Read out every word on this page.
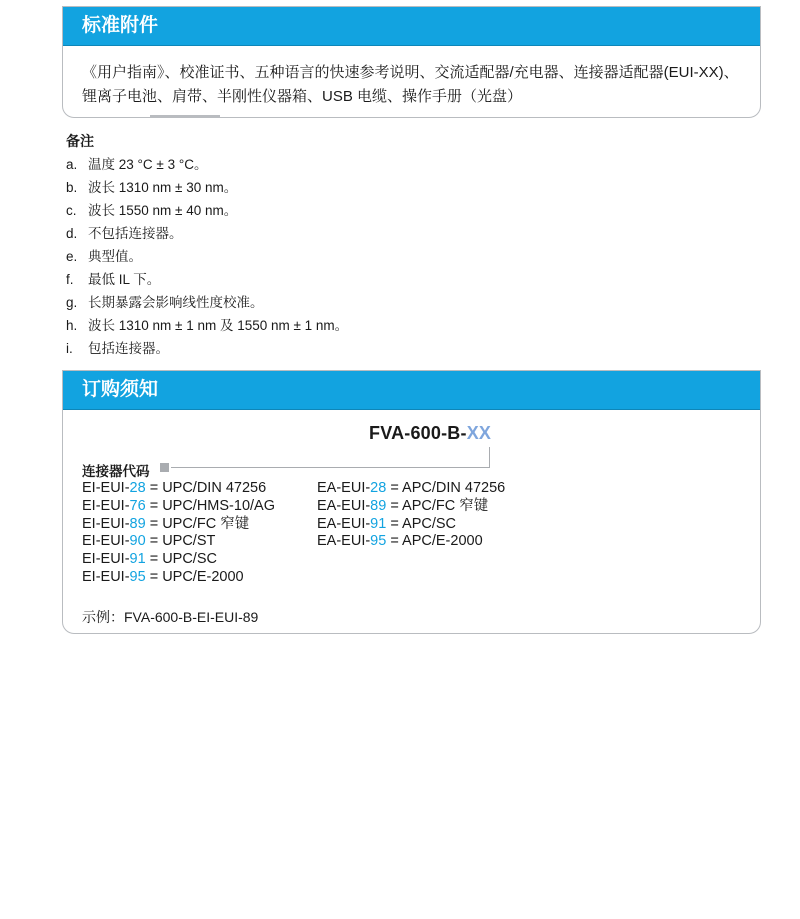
标准附件
《用户指南》、校准证书、五种语言的快速参考说明、交流适配器/充电器、连接器适配器(EUI-XX)、锂离子电池、肩带、半刚性仪器箱、USB 电缆、操作手册（光盘）
备注
a. 温度 23 °C ± 3 °C。
b. 波长 1310 nm ± 30 nm。
c. 波长 1550 nm ± 40 nm。
d. 不包括连接器。
e. 典型值。
f.	最低 IL 下。
g. 长期暴露会影响线性度校准。
h. 波长 1310 nm ± 1 nm 及 1550 nm ± 1 nm。
i.	包括连接器。
订购须知
FVA-600-B-XX
连接器代码
EI-EUI-28 = UPC/DIN 47256
EI-EUI-76 = UPC/HMS-10/AG
EI-EUI-89 = UPC/FC 窄键
EI-EUI-90 = UPC/ST
EI-EUI-91 = UPC/SC
EI-EUI-95 = UPC/E-2000
EA-EUI-28 = APC/DIN 47256
EA-EUI-89 = APC/FC 窄键
EA-EUI-91 = APC/SC
EA-EUI-95 = APC/E-2000
示例：FVA-600-B-EI-EUI-89
